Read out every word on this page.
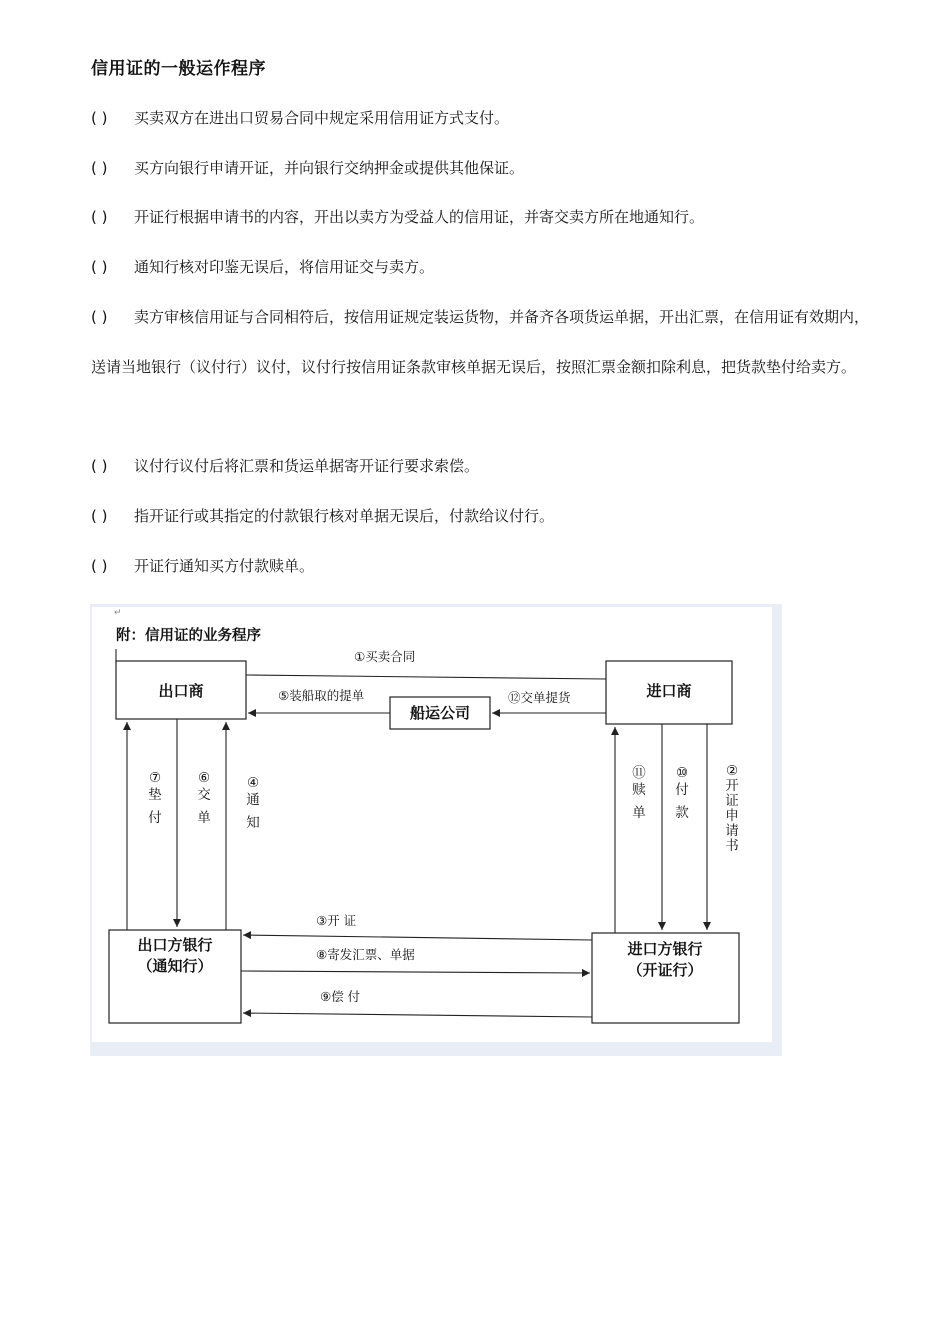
信用证的一般运作程序
( ) 买卖双方在进出口贸易合同中规定采用信用证方式支付。
( ) 买方向银行申请开证，并向银行交纳押金或提供其他保证。
( ) 开证行根据申请书的内容，开出以卖方为受益人的信用证，并寄交卖方所在地通知行。
( ) 通知行核对印鉴无误后，将信用证交与卖方。
( ) 卖方审核信用证与合同相符后，按信用证规定装运货物，并备齐各项货运单据，开出汇票，在信用证有效期内，送请当地银行（议付行）议付，议付行按信用证条款审核单据无误后，按照汇票金额扣除利息，把货款垫付给卖方。
( ) 议付行议付后将汇票和货运单据寄开证行要求索偿。
( ) 指开证行或其指定的付款银行核对单据无误后，付款给议付行。
( ) 开证行通知买方付款赎单。
↵
附：信用证的业务程序
出口商	进口商
船运公司
出口方银行
（通知行）
进口方银行
（开证行）
①买卖合同
⑤装船取的提单	⑫交单提货
⑦ 垫付
⑥ 交单
④ 通知
⑪ 赎单
⑩ 付款
② 开证申请书
③开 证
⑧寄发汇票、单据
⑨偿 付
